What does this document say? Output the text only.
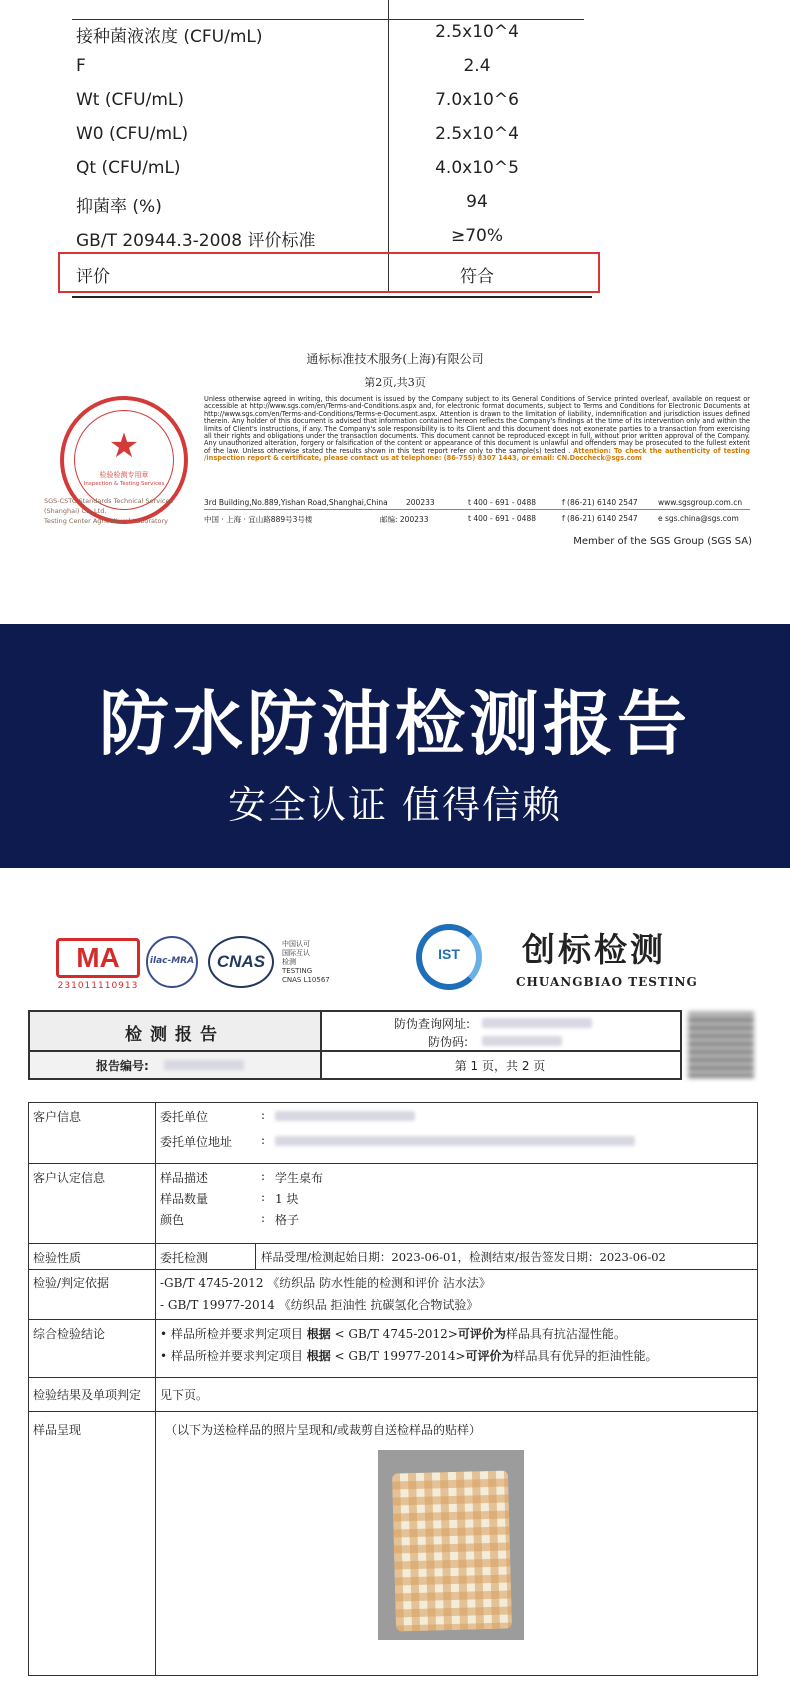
接种菌液浓度 (CFU/mL)	2.5x10^4
F	2.4
Wt (CFU/mL)	7.0x10^6
W0 (CFU/mL)	2.5x10^4
Qt (CFU/mL)	4.0x10^5
抑菌率 (%)	94
GB/T 20944.3-2008 评价标准	≥70%
评价	符合
通标标准技术服务(上海)有限公司
第2页,共3页
★
检验检测专用章
Inspection & Testing Services
Unless otherwise agreed in writing, this document is issued by the Company subject to its General Conditions of Service printed overleaf, available on request or accessible at http://www.sgs.com/en/Terms-and-Conditions.aspx and, for electronic format documents, subject to Terms and Conditions for Electronic Documents at http://www.sgs.com/en/Terms-and-Conditions/Terms-e-Document.aspx. Attention is drawn to the limitation of liability, indemnification and jurisdiction issues defined therein. Any holder of this document is advised that information contained hereon reflects the Company's findings at the time of its intervention only and within the limits of Client's instructions, if any. The Company's sole responsibility is to its Client and this document does not exonerate parties to a transaction from exercising all their rights and obligations under the transaction documents. This document cannot be reproduced except in full, without prior written approval of the Company. Any unauthorized alteration, forgery or falsification of the content or appearance of this document is unlawful and offenders may be prosecuted to the fullest extent of the law. Unless otherwise stated the results shown in this test report refer only to the sample(s) tested . Attention: To check the authenticity of testing /inspection report & certificate, please contact us at telephone: (86-755) 8307 1443, or email: CN.Doccheck@sgs.com
3rd Building,No.889,Yishan Road,Shanghai,China 200233	t 400 - 691 - 0488	f (86-21) 6140 2547	www.sgsgroup.com.cn
中国 · 上海 · 宜山路889号3号楼	邮编: 200233	t 400 - 691 - 0488	f (86-21) 6140 2547	e sgs.china@sgs.com
SGS-CSTC Standards Technical Services (Shanghai) Co.,Ltd.
Testing Center Agricultural Laboratory
Member of the SGS Group (SGS SA)
防水防油检测报告
安全认证 值得信赖
MA
231011110913
ilac-MRA	CNAS
中国认可
国际互认
检测
TESTING
CNAS L10567
IST	创标检测
CHUANGBIAO TESTING
检测报告
防伪查询网址:
防伪码:
报告编号:	第 1 页，共 2 页
客户信息	委托单位	:
委托单位地址 :
客户认定信息	样品描述	: 学生桌布
样品数量	: 1 块
颜色	: 格子
检验性质	委托检测	样品受理/检测起始日期：2023-06-01，检测结束/报告签发日期：2023-06-02
检验/判定依据	-GB/T 4745-2012 《纺织品 防水性能的检测和评价 沾水法》
- GB/T 19977-2014 《纺织品 拒油性 抗碳氢化合物试验》
综合检验结论	• 样品所检并要求判定项目 根据 < GB/T 4745-2012>可评价为样品具有抗沾湿性能。
• 样品所检并要求判定项目 根据 < GB/T 19977-2014>可评价为样品具有优异的拒油性能。
检验结果及单项判定 见下页。
样品呈现	（以下为送检样品的照片呈现和/或裁剪自送检样品的贴样）
